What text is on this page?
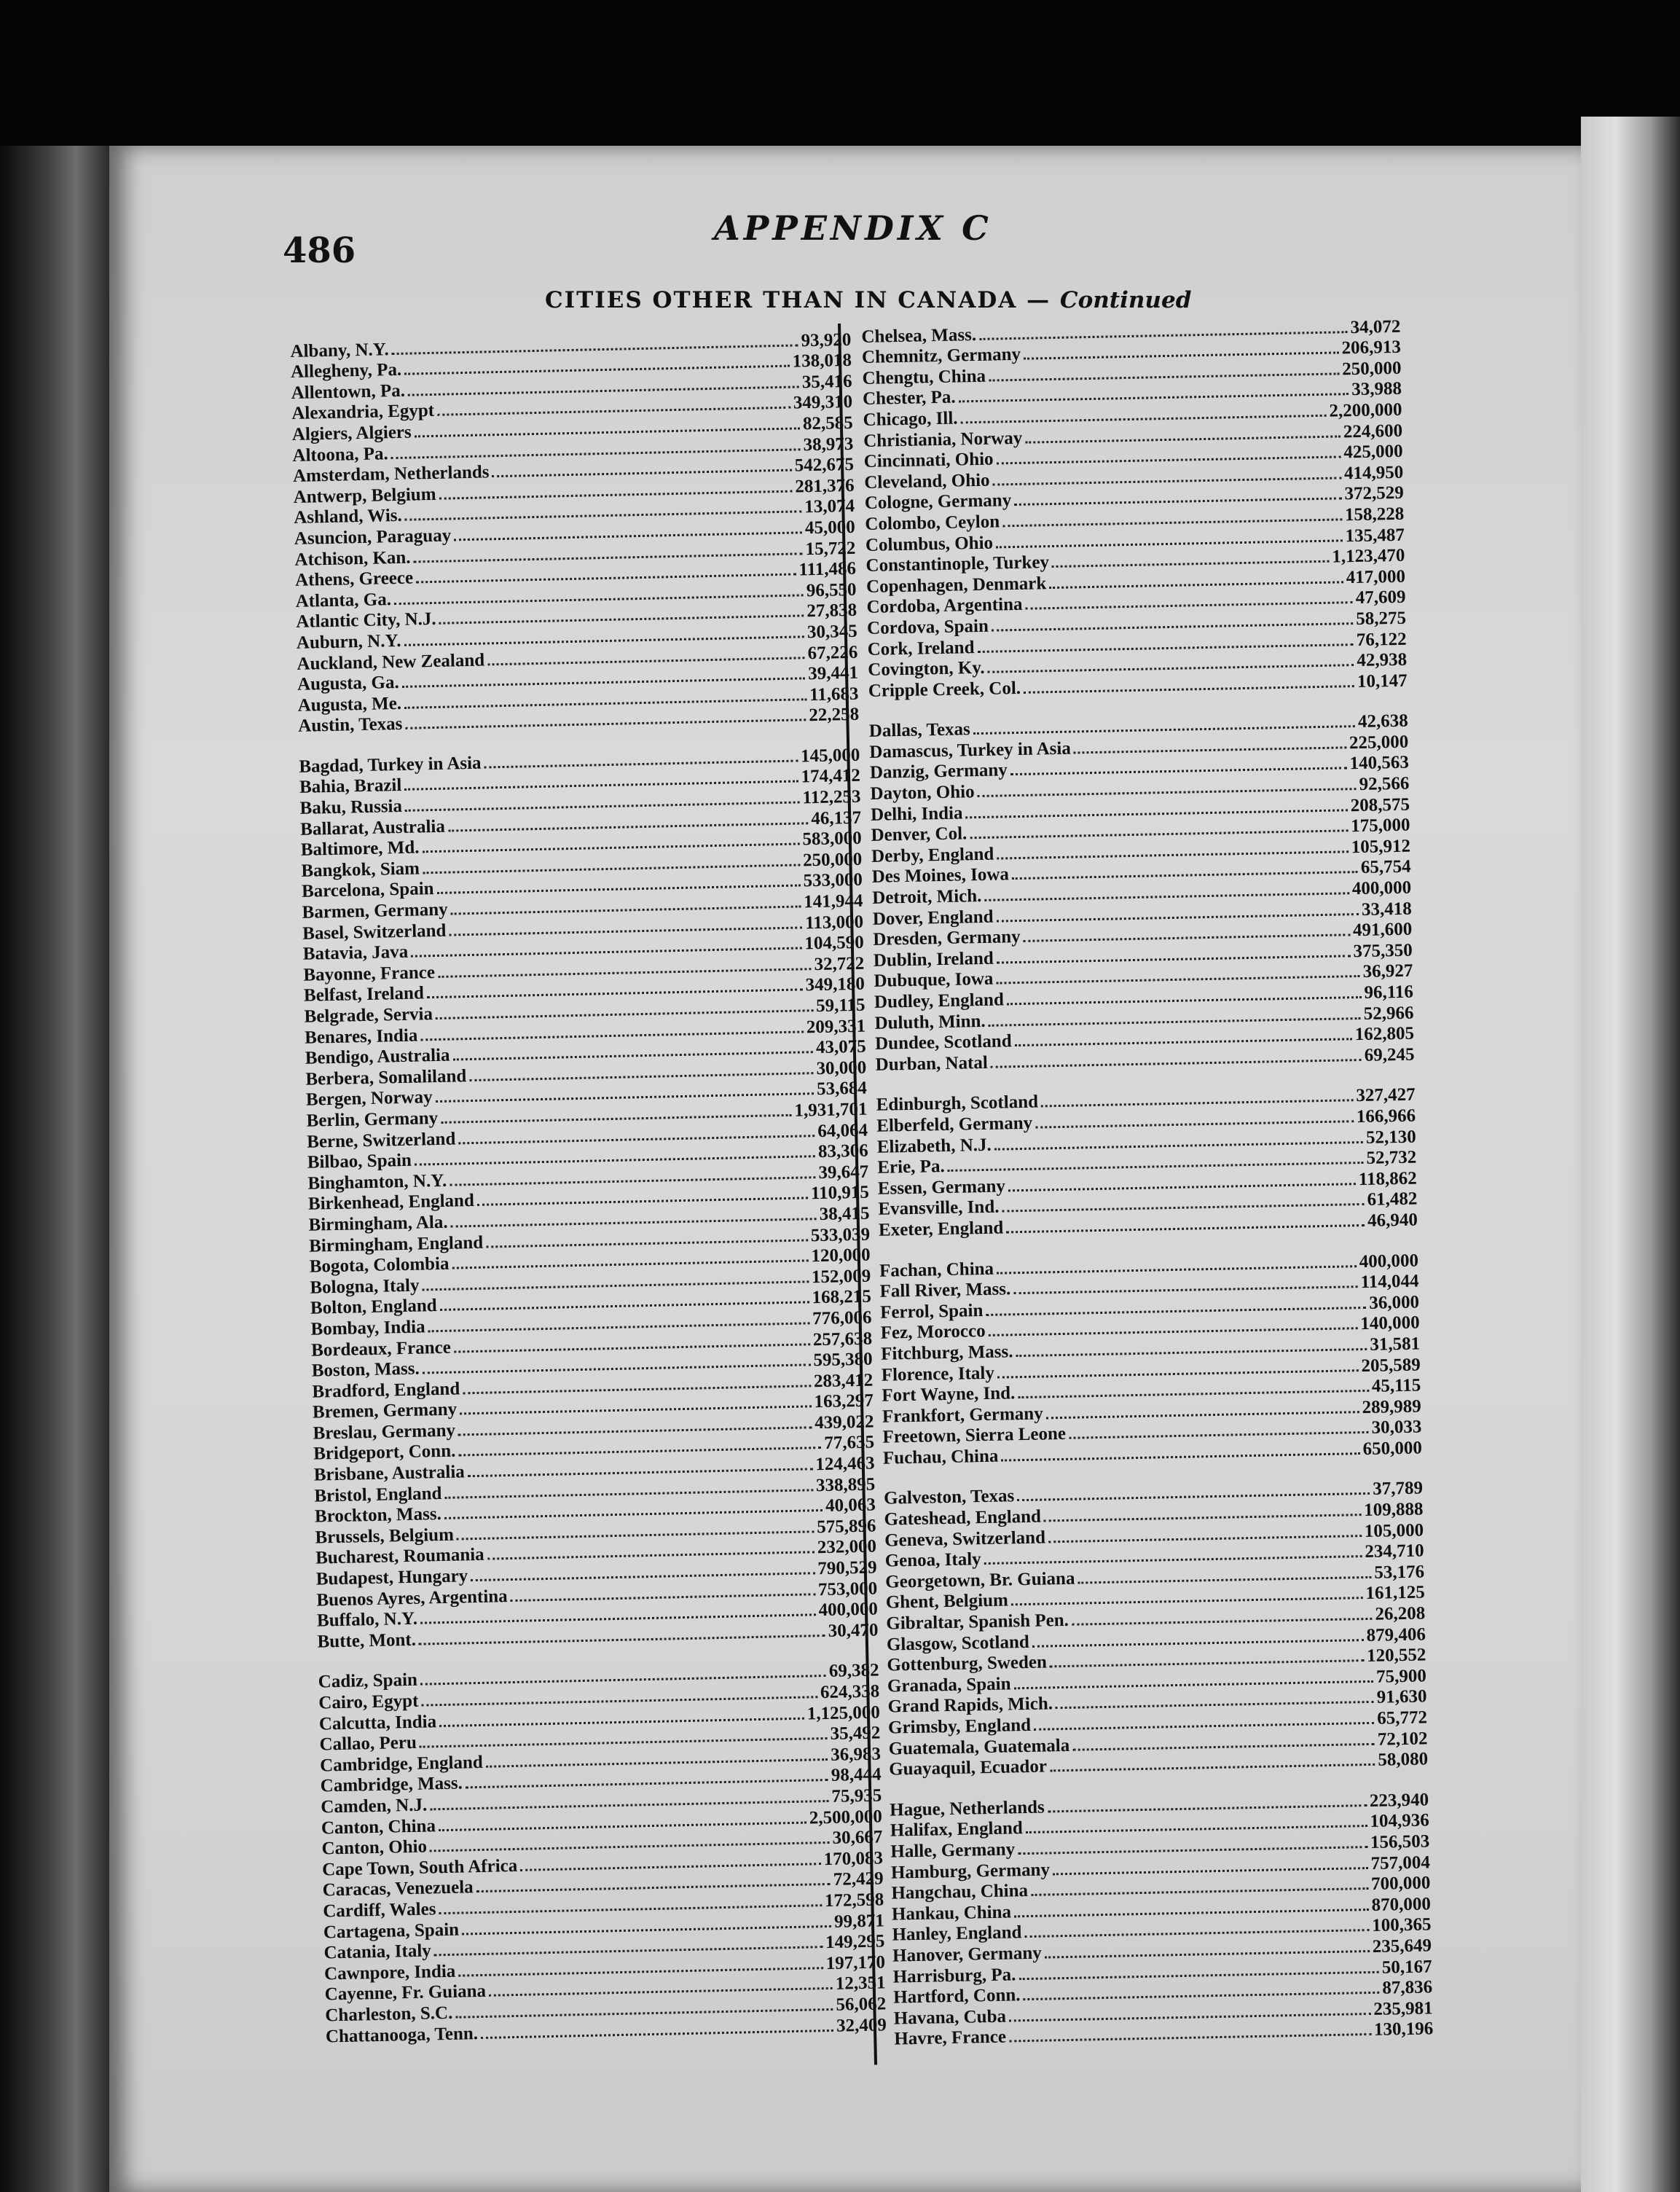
486
APPENDIX C
CITIES OTHER THAN IN CANADA — Continued
Albany, N.Y.	93,920
Allegheny, Pa.	138,018
Allentown, Pa.	35,416
Alexandria, Egypt	349,310
Algiers, Algiers	82,585
Altoona, Pa.	38,973
Amsterdam, Netherlands	542,675
Antwerp, Belgium	281,376
Ashland, Wis.	13,074
Asuncion, Paraguay	45,000
Atchison, Kan.	15,722
Athens, Greece	111,486
Atlanta, Ga.	96,550
Atlantic City, N.J.	27,838
Auburn, N.Y.	30,345
Auckland, New Zealand	67,226
Augusta, Ga.	39,441
Augusta, Me.	11,683
Austin, Texas	22,258
Bagdad, Turkey in Asia	145,000
Bahia, Brazil	174,412
Baku, Russia	112,253
Ballarat, Australia	46,137
Baltimore, Md.	583,000
Bangkok, Siam	250,000
Barcelona, Spain	533,000
Barmen, Germany	141,944
Basel, Switzerland	113,000
Batavia, Java	104,590
Bayonne, France	32,722
Belfast, Ireland	349,180
Belgrade, Servia	59,115
Benares, India	209,331
Bendigo, Australia	43,075
Berbera, Somaliland	30,000
Bergen, Norway	53,684
Berlin, Germany	1,931,701
Berne, Switzerland	64,064
Bilbao, Spain	83,306
Binghamton, N.Y.	39,647
Birkenhead, England	110,915
Birmingham, Ala.	38,415
Birmingham, England	533,039
Bogota, Colombia	120,000
Bologna, Italy	152,009
Bolton, England	168,215
Bombay, India	776,006
Bordeaux, France	257,638
Boston, Mass.	595,380
Bradford, England	283,412
Bremen, Germany	163,297
Breslau, Germany	439,022
Bridgeport, Conn.	77,635
Brisbane, Australia	124,463
Bristol, England	338,895
Brockton, Mass.	40,063
Brussels, Belgium	575,896
Bucharest, Roumania	232,000
Budapest, Hungary	790,529
Buenos Ayres, Argentina	753,000
Buffalo, N.Y.	400,000
Butte, Mont.	30,470
Cadiz, Spain	69,382
Cairo, Egypt	624,338
Calcutta, India	1,125,000
Callao, Peru	35,492
Cambridge, England	36,983
Cambridge, Mass.	98,444
Camden, N.J.	75,935
Canton, China	2,500,000
Canton, Ohio	30,667
Cape Town, South Africa	170,083
Caracas, Venezuela	72,429
Cardiff, Wales	172,598
Cartagena, Spain	99,871
Catania, Italy	149,295
Cawnpore, India	197,170
Cayenne, Fr. Guiana	12,351
Charleston, S.C.	56,062
Chattanooga, Tenn.	32,409
Chelsea, Mass.	34,072
Chemnitz, Germany	206,913
Chengtu, China	250,000
Chester, Pa.	33,988
Chicago, Ill.	2,200,000
Christiania, Norway	224,600
Cincinnati, Ohio	425,000
Cleveland, Ohio	414,950
Cologne, Germany	372,529
Colombo, Ceylon	158,228
Columbus, Ohio	135,487
Constantinople, Turkey	1,123,470
Copenhagen, Denmark	417,000
Cordoba, Argentina	47,609
Cordova, Spain	58,275
Cork, Ireland	76,122
Covington, Ky.	42,938
Cripple Creek, Col.	10,147
Dallas, Texas	42,638
Damascus, Turkey in Asia	225,000
Danzig, Germany	140,563
Dayton, Ohio	92,566
Delhi, India	208,575
Denver, Col.	175,000
Derby, England	105,912
Des Moines, Iowa	65,754
Detroit, Mich.	400,000
Dover, England	33,418
Dresden, Germany	491,600
Dublin, Ireland	375,350
Dubuque, Iowa	36,927
Dudley, England	96,116
Duluth, Minn.	52,966
Dundee, Scotland	162,805
Durban, Natal	69,245
Edinburgh, Scotland	327,427
Elberfeld, Germany	166,966
Elizabeth, N.J.	52,130
Erie, Pa.	52,732
Essen, Germany	118,862
Evansville, Ind.	61,482
Exeter, England	46,940
Fachan, China	400,000
Fall River, Mass.	114,044
Ferrol, Spain	36,000
Fez, Morocco	140,000
Fitchburg, Mass.	31,581
Florence, Italy	205,589
Fort Wayne, Ind.	45,115
Frankfort, Germany	289,989
Freetown, Sierra Leone	30,033
Fuchau, China	650,000
Galveston, Texas	37,789
Gateshead, England	109,888
Geneva, Switzerland	105,000
Genoa, Italy	234,710
Georgetown, Br. Guiana	53,176
Ghent, Belgium	161,125
Gibraltar, Spanish Pen.	26,208
Glasgow, Scotland	879,406
Gottenburg, Sweden	120,552
Granada, Spain	75,900
Grand Rapids, Mich.	91,630
Grimsby, England	65,772
Guatemala, Guatemala	72,102
Guayaquil, Ecuador	58,080
Hague, Netherlands	223,940
Halifax, England	104,936
Halle, Germany	156,503
Hamburg, Germany	757,004
Hangchau, China	700,000
Hankau, China	870,000
Hanley, England	100,365
Hanover, Germany	235,649
Harrisburg, Pa.	50,167
Hartford, Conn.	87,836
Havana, Cuba	235,981
Havre, France	130,196
